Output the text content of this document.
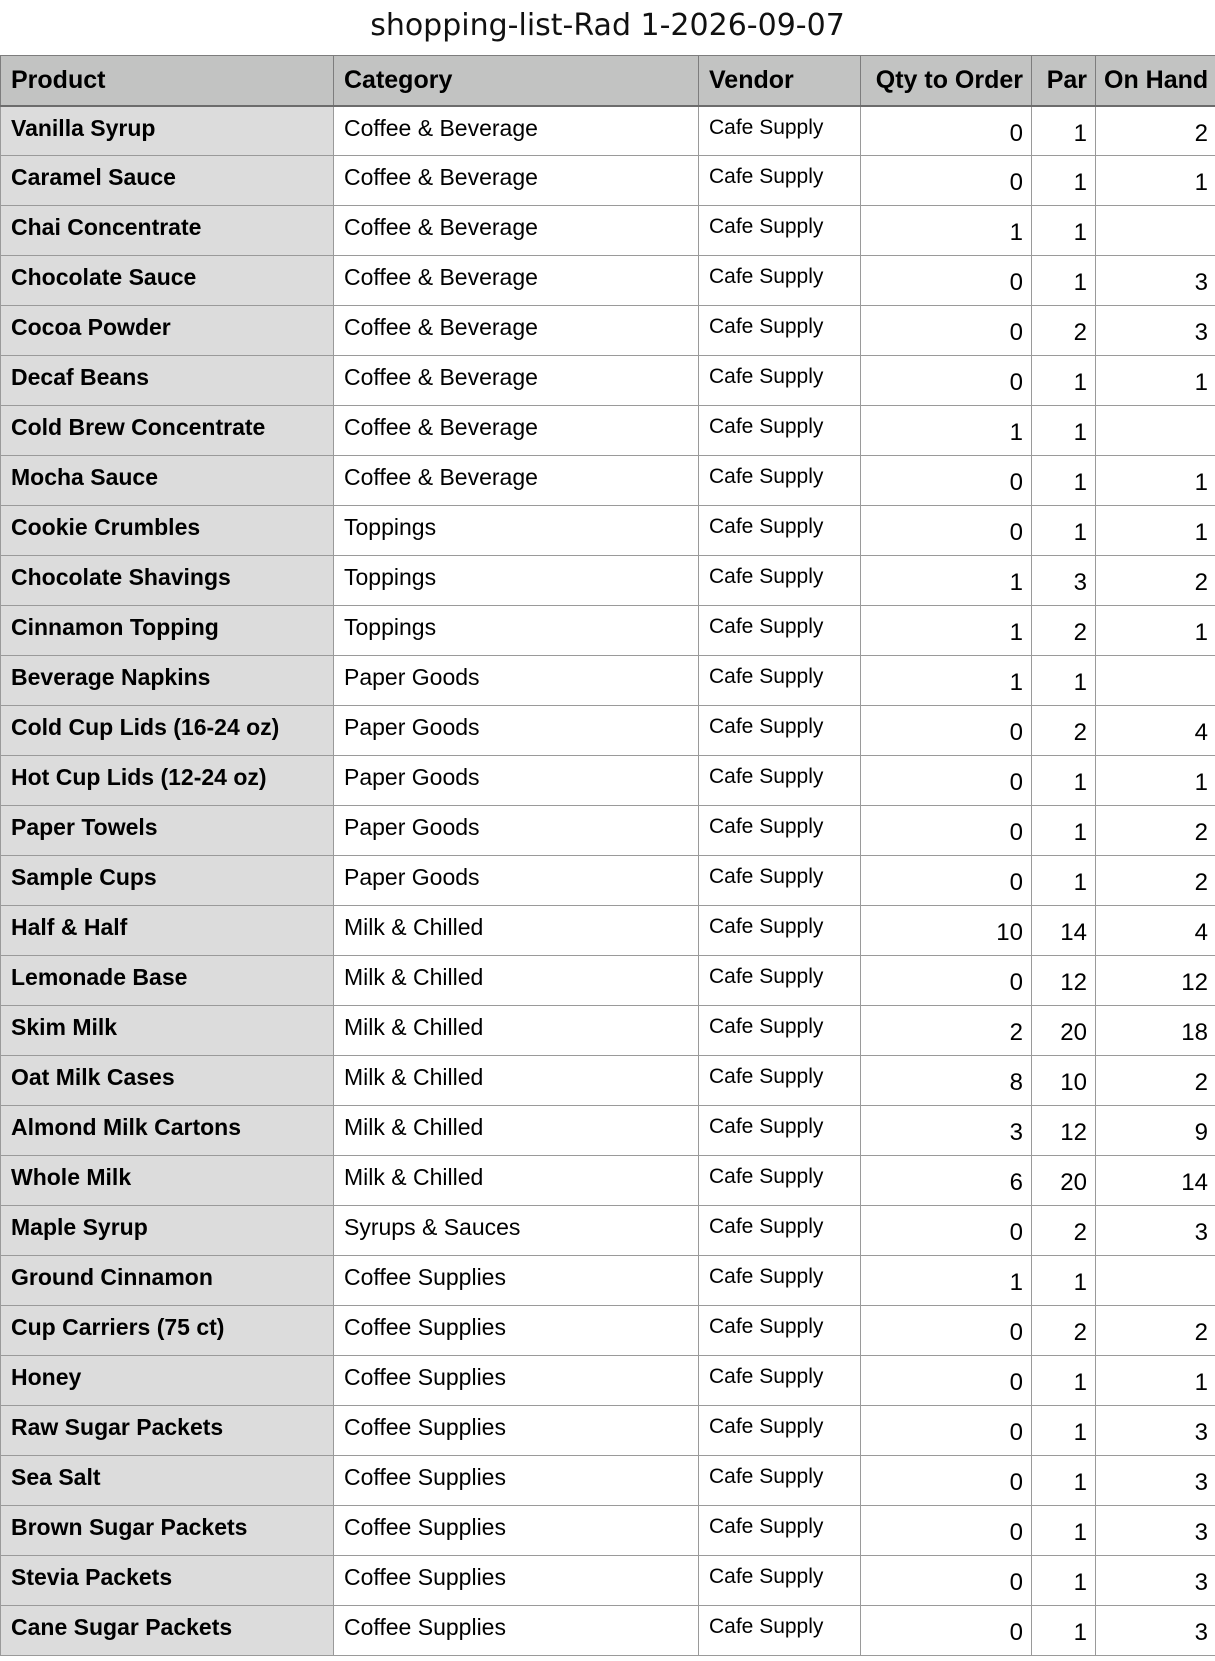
shopping-list-Rad 1-2026-09-07
Product	Category	Vendor	Qty to Order	Par	On Hand
Vanilla Syrup	Coffee & Beverage	Cafe Supply	0	1	2
Caramel Sauce	Coffee & Beverage	Cafe Supply	0	1	1
Chai Concentrate	Coffee & Beverage	Cafe Supply	1	1	
Chocolate Sauce	Coffee & Beverage	Cafe Supply	0	1	3
Cocoa Powder	Coffee & Beverage	Cafe Supply	0	2	3
Decaf Beans	Coffee & Beverage	Cafe Supply	0	1	1
Cold Brew Concentrate	Coffee & Beverage	Cafe Supply	1	1	
Mocha Sauce	Coffee & Beverage	Cafe Supply	0	1	1
Cookie Crumbles	Toppings	Cafe Supply	0	1	1
Chocolate Shavings	Toppings	Cafe Supply	1	3	2
Cinnamon Topping	Toppings	Cafe Supply	1	2	1
Beverage Napkins	Paper Goods	Cafe Supply	1	1	
Cold Cup Lids (16-24 oz)	Paper Goods	Cafe Supply	0	2	4
Hot Cup Lids (12-24 oz)	Paper Goods	Cafe Supply	0	1	1
Paper Towels	Paper Goods	Cafe Supply	0	1	2
Sample Cups	Paper Goods	Cafe Supply	0	1	2
Half & Half	Milk & Chilled	Cafe Supply	10	14	4
Lemonade Base	Milk & Chilled	Cafe Supply	0	12	12
Skim Milk	Milk & Chilled	Cafe Supply	2	20	18
Oat Milk Cases	Milk & Chilled	Cafe Supply	8	10	2
Almond Milk Cartons	Milk & Chilled	Cafe Supply	3	12	9
Whole Milk	Milk & Chilled	Cafe Supply	6	20	14
Maple Syrup	Syrups & Sauces	Cafe Supply	0	2	3
Ground Cinnamon	Coffee Supplies	Cafe Supply	1	1	
Cup Carriers (75 ct)	Coffee Supplies	Cafe Supply	0	2	2
Honey	Coffee Supplies	Cafe Supply	0	1	1
Raw Sugar Packets	Coffee Supplies	Cafe Supply	0	1	3
Sea Salt	Coffee Supplies	Cafe Supply	0	1	3
Brown Sugar Packets	Coffee Supplies	Cafe Supply	0	1	3
Stevia Packets	Coffee Supplies	Cafe Supply	0	1	3
Cane Sugar Packets	Coffee Supplies	Cafe Supply	0	1	3
